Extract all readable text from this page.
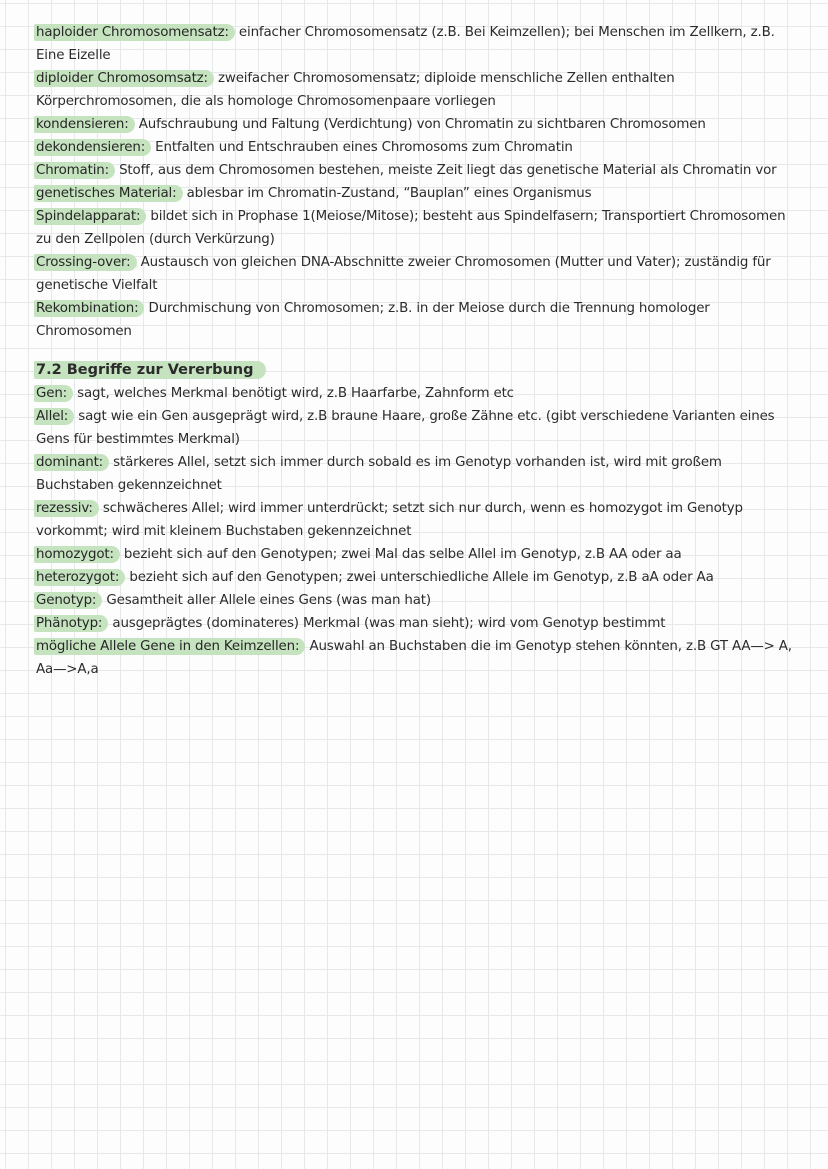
haploider Chromosomensatz: einfacher Chromosomensatz (z.B. Bei Keimzellen); bei Menschen im Zellkern, z.B. Eine Eizelle

diploider Chromosomsatz: zweifacher Chromosomensatz; diploide menschliche Zellen enthalten Körperchromosomen, die als homologe Chromosomenpaare vorliegen

kondensieren: Aufschraubung und Faltung (Verdichtung) von Chromatin zu sichtbaren Chromosomen

dekondensieren: Entfalten und Entschrauben eines Chromosoms zum Chromatin

Chromatin: Stoff, aus dem Chromosomen bestehen, meiste Zeit liegt das genetische Material als Chromatin vor

genetisches Material: ablesbar im Chromatin-Zustand, “Bauplan” eines Organismus

Spindelapparat: bildet sich in Prophase 1(Meiose/Mitose); besteht aus Spindelfasern; Transportiert Chromosomen zu den Zellpolen (durch Verkürzung)

Crossing-over: Austausch von gleichen DNA-Abschnitte zweier Chromosomen (Mutter und Vater); zuständig für genetische Vielfalt

Rekombination: Durchmischung von Chromosomen; z.B. in der Meiose durch die Trennung homologer Chromosomen

7.2 Begriffe zur Vererbung

Gen: sagt, welches Merkmal benötigt wird, z.B Haarfarbe, Zahnform etc

Allel: sagt wie ein Gen ausgeprägt wird, z.B braune Haare, große Zähne etc. (gibt verschiedene Varianten eines Gens für bestimmtes Merkmal)

dominant: stärkeres Allel, setzt sich immer durch sobald es im Genotyp vorhanden ist, wird mit großem Buchstaben gekennzeichnet

rezessiv: schwächeres Allel; wird immer unterdrückt; setzt sich nur durch, wenn es homozygot im Genotyp vorkommt; wird mit kleinem Buchstaben gekennzeichnet

homozygot: bezieht sich auf den Genotypen; zwei Mal das selbe Allel im Genotyp, z.B AA oder aa

heterozygot: bezieht sich auf den Genotypen; zwei unterschiedliche Allele im Genotyp, z.B aA oder Aa

Genotyp: Gesamtheit aller Allele eines Gens (was man hat)

Phänotyp: ausgeprägtes (dominateres) Merkmal (was man sieht); wird vom Genotyp bestimmt

mögliche Allele Gene in den Keimzellen: Auswahl an Buchstaben die im Genotyp stehen könnten, z.B GT AA—> A, Aa—>A,a
